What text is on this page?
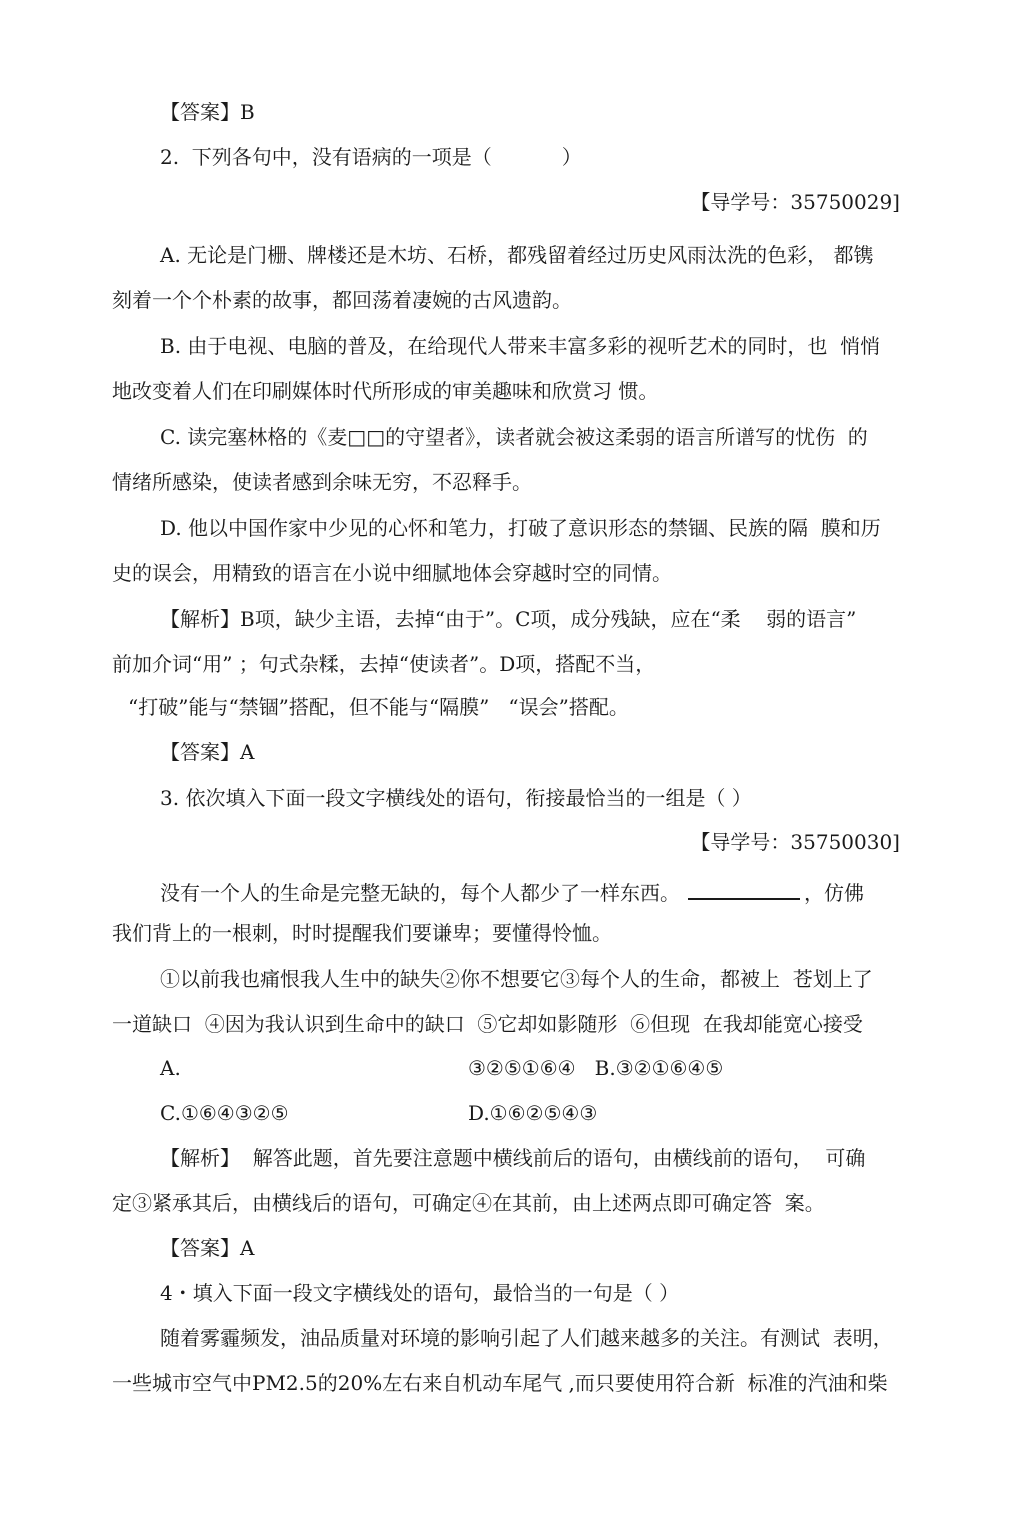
【答案】B
2.  下列各句中，没有语病的一项是（           ）
【导学号：35750029]
A. 无论是门栅、牌楼还是木坊、石桥，都残留着经过历史风雨汰洗的色彩， 都镌
刻着一个个朴素的故事，都回荡着凄婉的古风遗韵。
B. 由于电视、电脑的普及，在给现代人带来丰富多彩的视听艺术的同时，也  悄悄
地改变着人们在印刷媒体时代所形成的审美趣味和欣赏习 惯。
C. 读完塞林格的《麦□□的守望者》，读者就会被这柔弱的语言所谱写的忧伤  的
情绪所感染，使读者感到余味无穷，不忍释手。
D. 他以中国作家中少见的心怀和笔力，打破了意识形态的禁锢、民族的隔  膜和历
史的误会，用精致的语言在小说中细腻地体会穿越时空的同情。
【解析】B项，缺少主语，去掉“由于”。C项，成分残缺，应在“柔    弱的语言”
前加介词“用” ；句式杂糅，去掉“使读者”。D项，搭配不当，
“打破”能与“禁锢”搭配，但不能与“隔膜”   “误会”搭配。
【答案】A
3. 依次填入下面一段文字横线处的语句，衔接最恰当的一组是（ ）
【导学号：35750030]
没有一个人的生命是完整无缺的，每个人都少了一样东西。	，仿佛
我们背上的一根刺，时时提醒我们要谦卑；要懂得怜恤。
①以前我也痛恨我人生中的缺失②你不想要它③每个人的生命，都被上  苍划上了
一道缺口  ④因为我认识到生命中的缺口  ⑤它却如影随形  ⑥但现  在我却能宽心接受
A.	③②⑤①⑥④   B.③②①⑥④⑤
C.①⑥④③②⑤	D.①⑥②⑤④③
【解析】  解答此题，首先要注意题中横线前后的语句，由横线前的语句，  可确
定③紧承其后，由横线后的语句，可确定④在其前，由上述两点即可确定答  案。
【答案】A
4・填入下面一段文字横线处的语句，最恰当的一句是（ ）
随着雾霾频发，油品质量对环境的影响引起了人们越来越多的关注。有测试  表明，
一些城市空气中PM2.5的20%左右来自机动车尾气 ,而只要使用符合新  标准的汽油和柴
